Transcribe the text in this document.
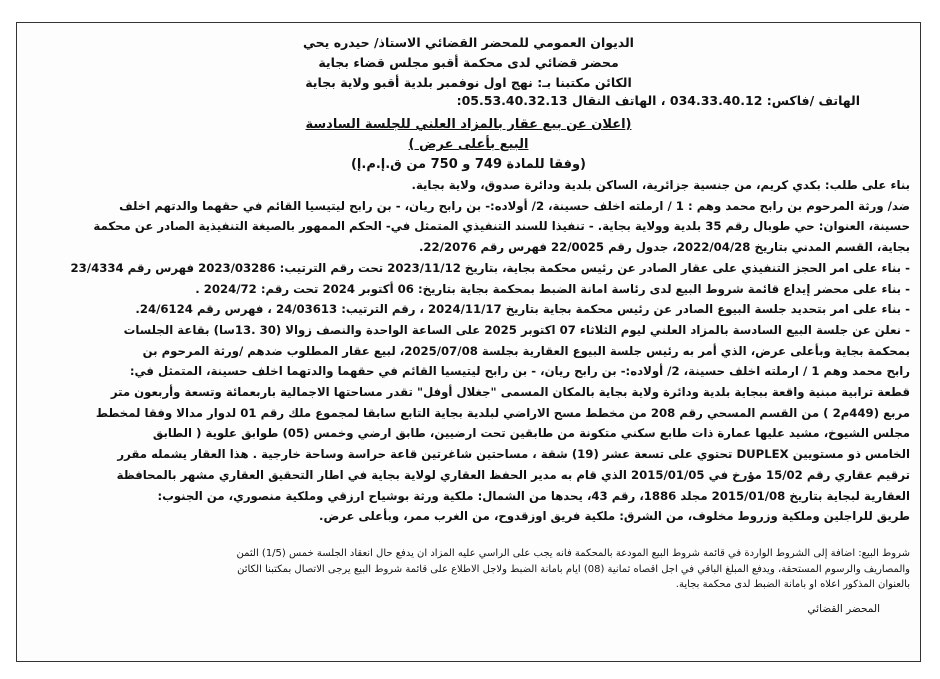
الديوان العمومي للمحضر القضائي الاستاذ/ حيدره يحي
محضر قضائي لدى محكمة أقبو مجلس قضاء بجاية
الكائن مكتبنا بـ: نهج اول نوفمبر بلدية أقبو ولاية بجاية
الهاتف /فاكس: 034.33.40.12 ، الهاتف النقال 05.53.40.32.13:
(اعلان عن بيع عقار بالمزاد العلني للجلسة السادسة
البيع بأعلى عرض )
(وفقا للمادة 749 و 750 من ق.إ.م.إ)
بناء على طلب: بكدي كريم، من جنسية جزائرية، الساكن بلدية ودائرة صدوق، ولاية بجاية.
ضد/ ورثة المرحوم بن رابح محمد وهم : 1 / ارملته اخلف حسينة، 2/ أولاده:- بن رابح ريان، - بن رابح ليتيسيا القائم في حقهما والدتهم اخلف
حسينة، العنوان: حي طوبال رقم 35 بلدية وولاية بجاية. - تنفيذا للسند التنفيذي المتمثل في- الحكم الممهور بالصيغة التنفيذية الصادر عن محكمة
بجاية، القسم المدني بتاريخ 2022/04/28، جدول رقم 22/0025 فهرس رقم 22/2076.
- بناء على امر الحجز التنفيذي على عقار الصادر عن رئيس محكمة بجاية، بتاريخ 2023/11/12 تحت رقم الترتيب: 2023/03286 فهرس رقم 23/4334
- بناء على محضر إيداع قائمة شروط البيع لدى رئاسة امانة الضبط بمحكمة بجاية بتاريخ: 06 أكتوبر 2024 تحت رقم: 2024/72 .
- بناء على امر بتحديد جلسة البيوع الصادر عن رئيس محكمة بجاية بتاريخ 2024/11/17 ، رقم الترتيب: 24/03613 ، فهرس رقم 24/6124.
- نعلن عن جلسة البيع السادسة بالمزاد العلني ليوم الثلاثاء 07 اكتوبر 2025 على الساعة الواحدة والنصف زوالا (30 .13سا) بقاعة الجلسات
بمحكمة بجاية وبأعلى عرض، الذي أمر به رئيس جلسة البيوع العقارية بجلسة 2025/07/08، لبيع عقار المطلوب ضدهم /ورثة المرحوم بن
رابح محمد وهم 1 / ارملته اخلف حسينة، 2/ أولاده:- بن رابح ريان، - بن رابح ليتيسيا القائم في حقهما والدتهما اخلف حسينة، المتمثل في:
قطعة ترابية مبنية واقعة ببجاية بلدية ودائرة ولاية بجاية بالمكان المسمى "جغلال أوفل" تقدر مساحتها الاجمالية باربعمائة وتسعة وأربعون متر
مربع (449م2 ) من القسم المسحي رقم 208 من مخطط مسح الاراضي لبلدية بجاية التابع سابقا لمجموع ملك رقم 01 لدوار مدالا وفقا لمخطط
مجلس الشيوخ، مشيد عليها عمارة ذات طابع سكني متكونة من طابقين تحت ارضيين، طابق ارضي وخمس (05) طوابق علوية ( الطابق
الخامس ذو مستويين DUPLEX تحتوي على تسعة عشر (19) شقة ، مساحتين شاغرتين قاعة حراسة وساحة خارجية . هذا العقار يشمله مقرر
ترقيم عقاري رقم 15/02 مؤرخ في 2015/01/05 الذي قام به مدير الحفظ العقاري لولاية بجاية في اطار التحقيق العقاري مشهر بالمحافظة
العقارية لبجاية بتاريخ 2015/01/08 مجلد 1886، رقم 43، يحدها من الشمال: ملكية ورثة بوشياح ارزقي وملكية منصوري، من الجنوب:
طريق للراجلين وملكية وزروط مخلوف، من الشرق: ملكية فريق اوزقدوح، من الغرب ممر، وبأعلى عرض.
شروط البيع: اضافة إلى الشروط الواردة في قائمة شروط البيع المودعة بالمحكمة فانه يجب على الراسي عليه المزاد ان يدفع حال انعقاد الجلسة خمس (1/5) الثمن
والمصاريف والرسوم المستحقة، ويدفع المبلغ الباقي في اجل اقصاه ثمانية (08) ايام بامانة الضبط ولاجل الاطلاع على قائمة شروط البيع يرجى الاتصال بمكتبنا الكائن
بالعنوان المذكور اعلاه او بامانة الضبط لدى محكمة بجاية.
المحضر القضائي
